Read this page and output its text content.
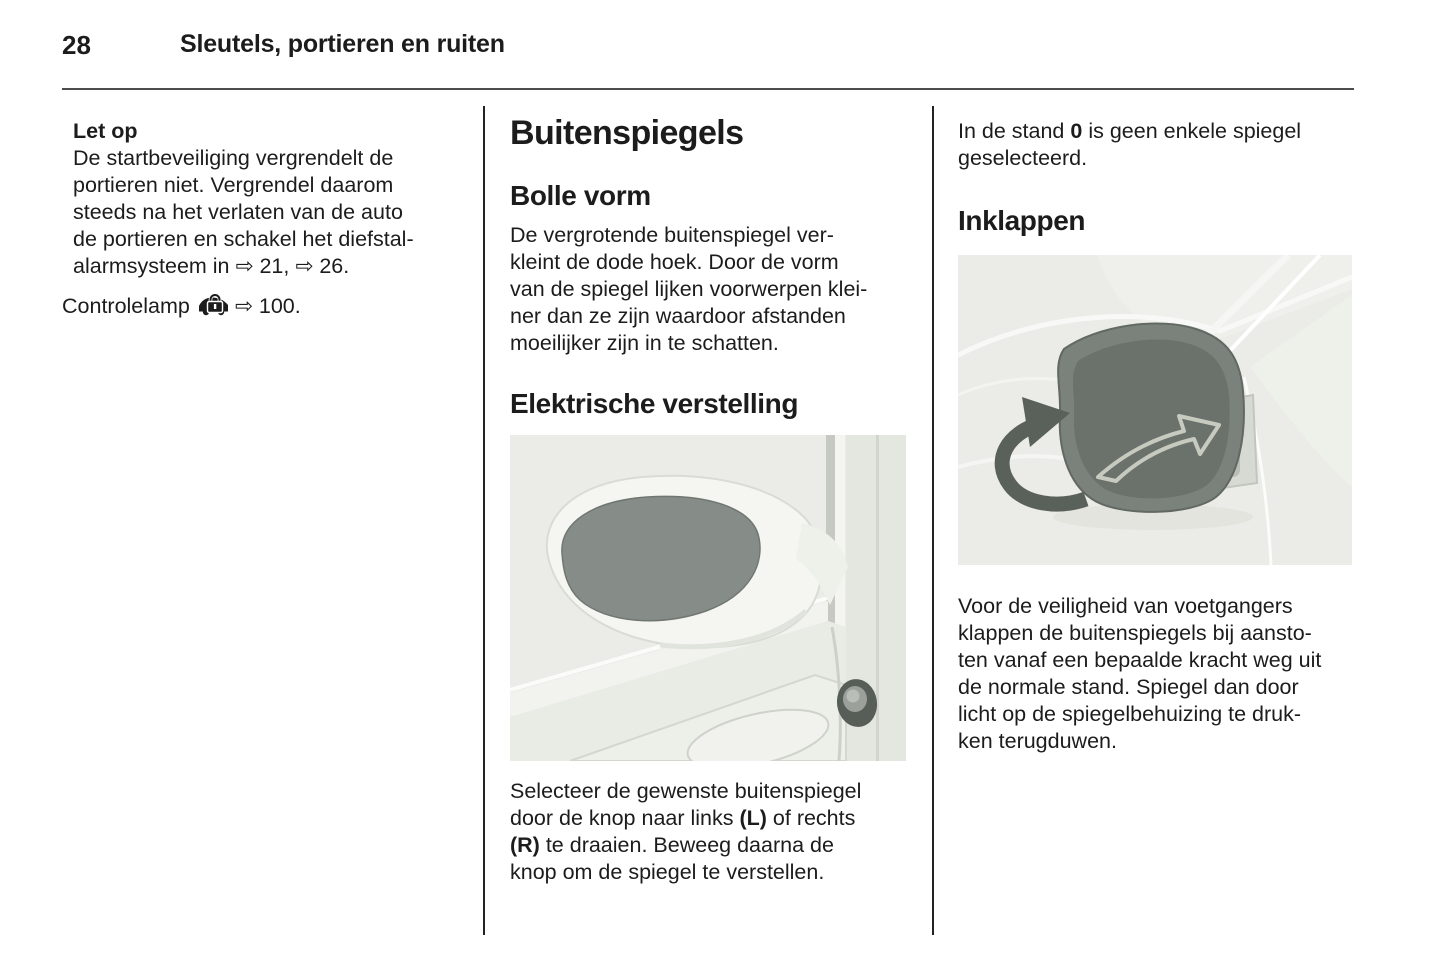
28	Sleutels, portieren en ruiten
Let op

De startbeveiliging vergrendelt de
portieren niet. Vergrendel daarom
steeds na het verlaten van de auto
de portieren en schakel het diefstal-
alarmsysteem in ⇨ 21, ⇨ 26.

Controlelamp ⇨ 100.

Buitenspiegels
Bolle vorm

De vergrotende buitenspiegel ver-
kleint de dode hoek. Door de vorm
van de spiegel lijken voorwerpen klei-
ner dan ze zijn waardoor afstanden
moeilijker zijn in te schatten.

Elektrische verstelling

Selecteer de gewenste buitenspiegel
door de knop naar links (L) of rechts
(R) te draaien. Beweeg daarna de
knop om de spiegel te verstellen.

In de stand 0 is geen enkele spiegel
geselecteerd.

Inklappen

Voor de veiligheid van voetgangers
klappen de buitenspiegels bij aansto-
ten vanaf een bepaalde kracht weg uit
de normale stand. Spiegel dan door
licht op de spiegelbehuizing te druk-
ken terugduwen.
